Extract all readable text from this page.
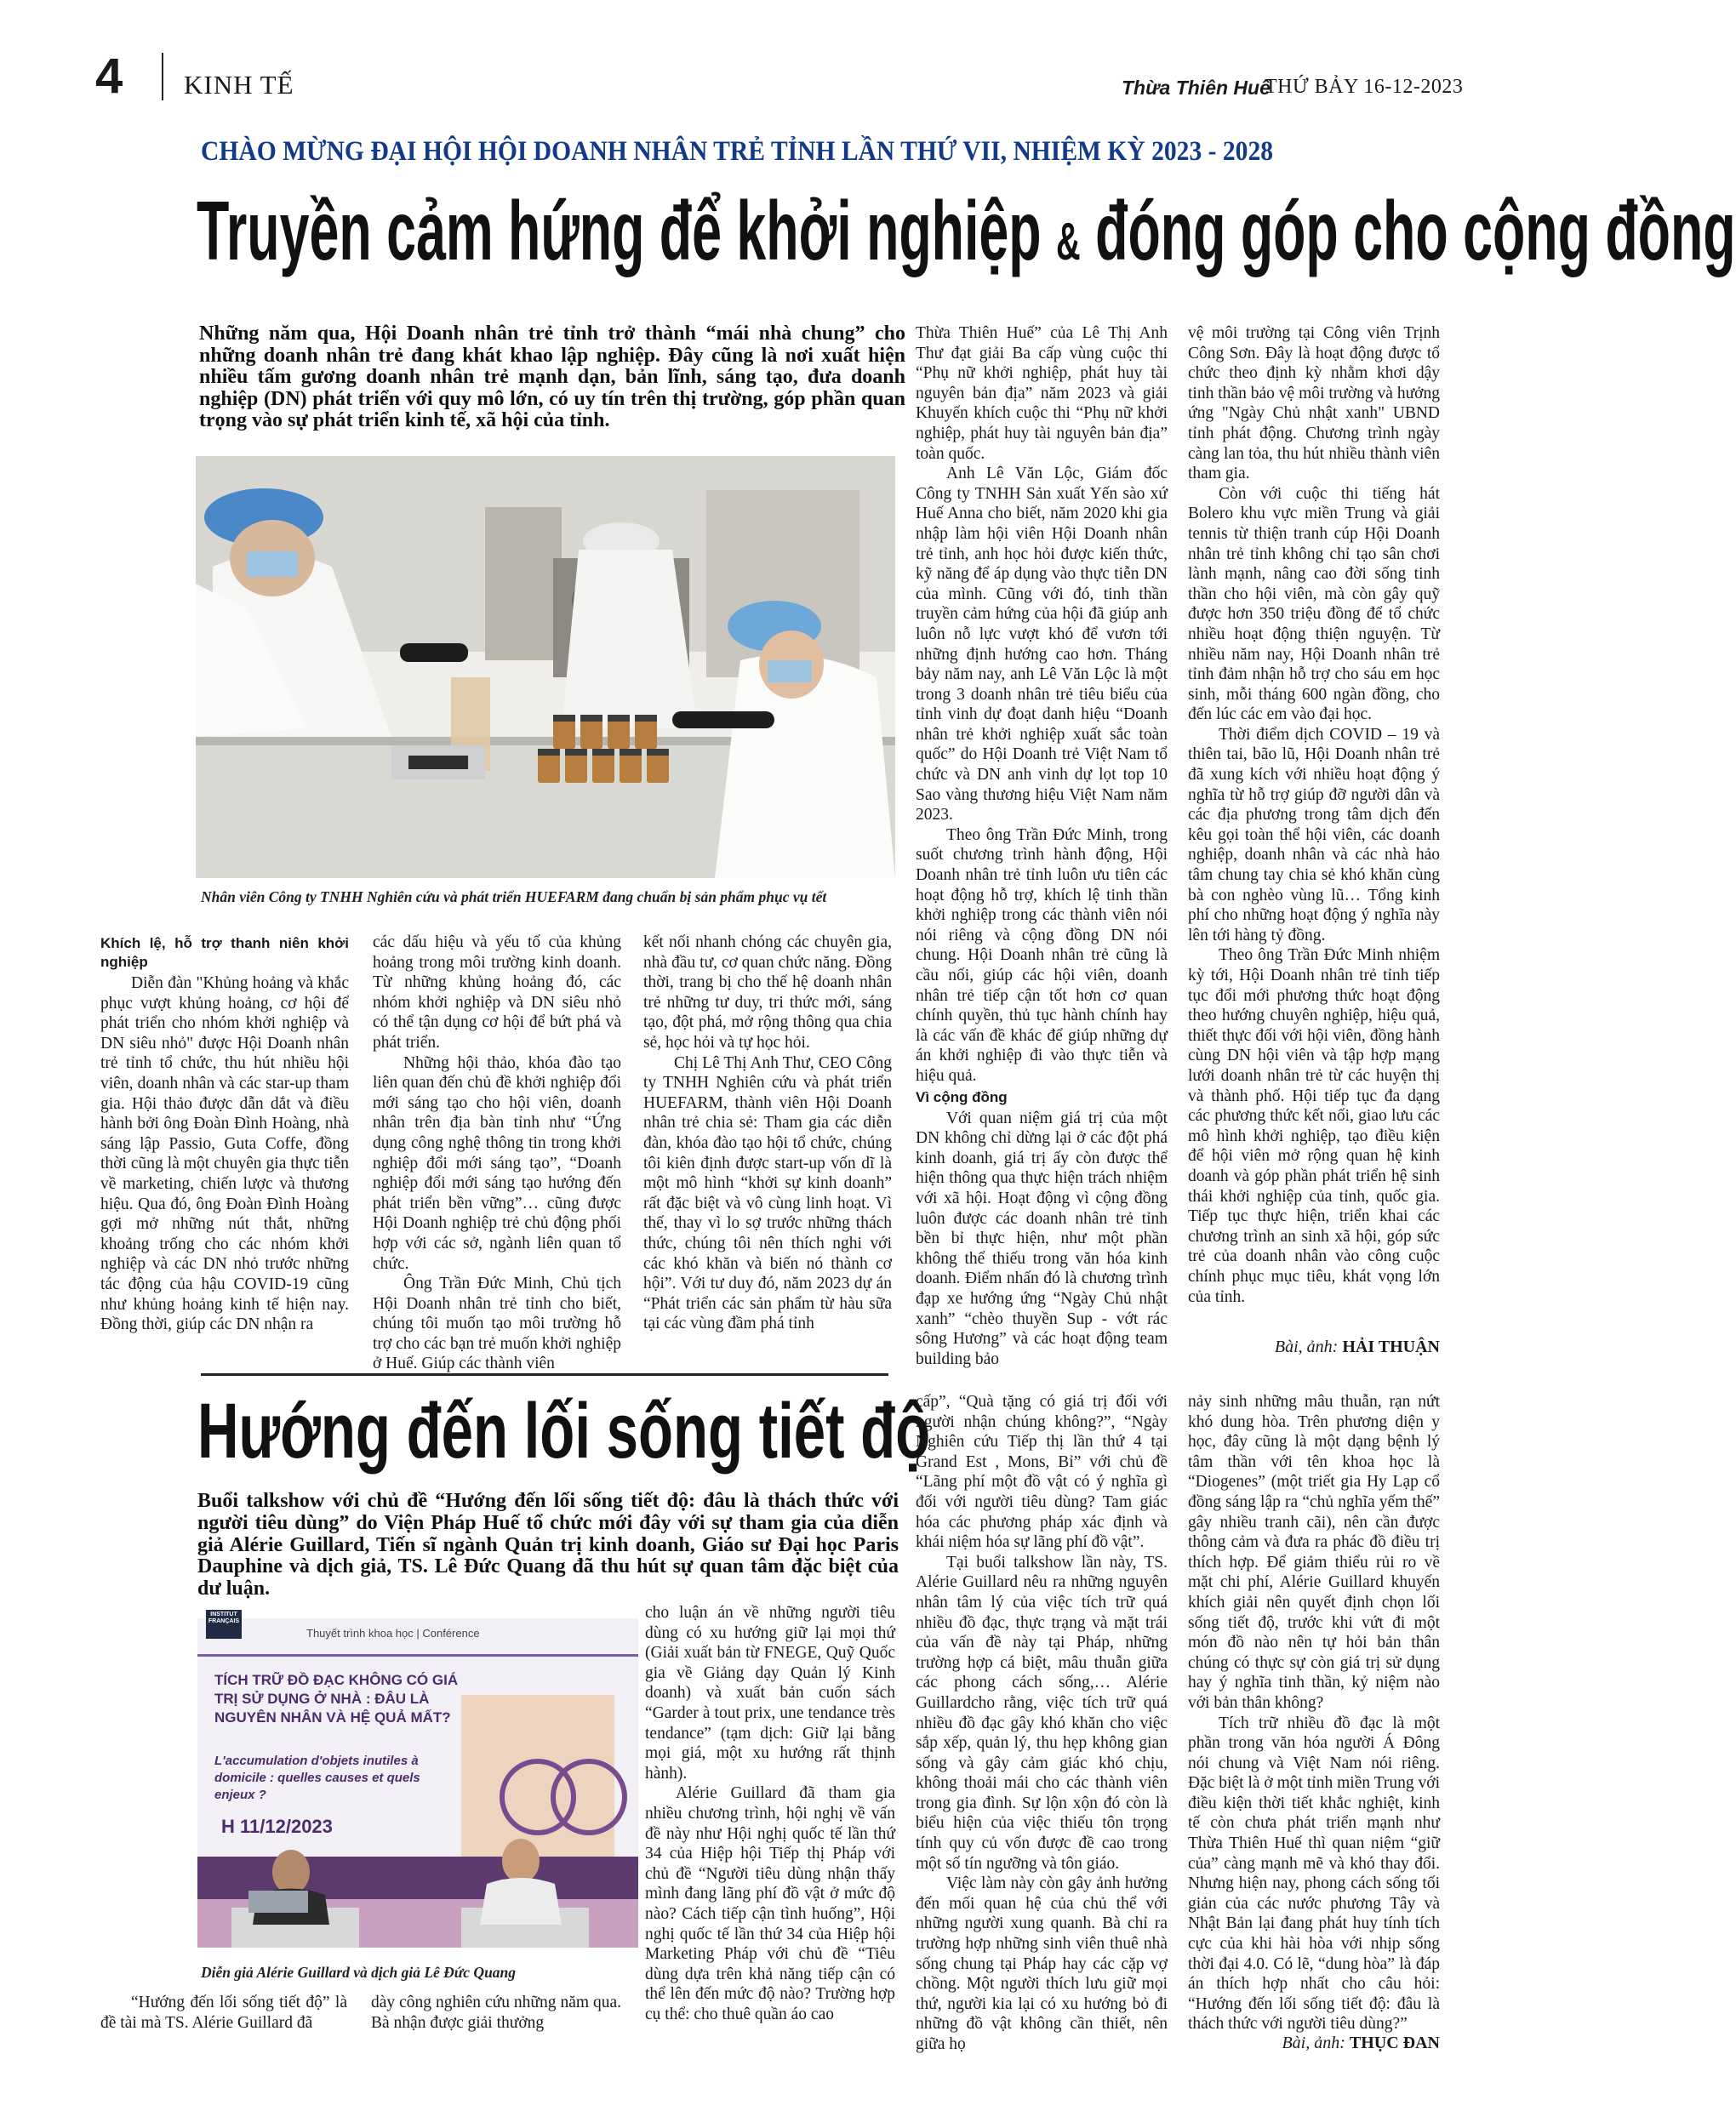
4 KINH TẾ	Thừa Thiên Huế
THỨ BẢY 16-12-2023
CHÀO MỪNG ĐẠI HỘI HỘI DOANH NHÂN TRẺ TỈNH LẦN THỨ VII, NHIỆM KỲ 2023 - 2028
Truyền cảm hứng để khởi nghiệp & đóng góp cho cộng đồng
Những năm qua, Hội Doanh nhân trẻ tỉnh trở thành “mái nhà chung” cho những doanh nhân trẻ đang khát khao lập nghiệp. Đây cũng là nơi xuất hiện nhiều tấm gương doanh nhân trẻ mạnh dạn, bản lĩnh, sáng tạo, đưa doanh nghiệp (DN) phát triển với quy mô lớn, có uy tín trên thị trường, góp phần quan trọng vào sự phát triển kinh tế, xã hội của tỉnh.
Nhân viên Công ty TNHH Nghiên cứu và phát triển HUEFARM đang chuẩn bị sản phẩm phục vụ tết
Khích lệ, hỗ trợ thanh niên khởi nghiệp

Diễn đàn "Khủng hoảng và khắc phục vượt khủng hoảng, cơ hội để phát triển cho nhóm khởi nghiệp và DN siêu nhỏ" được Hội Doanh nhân trẻ tỉnh tổ chức, thu hút nhiều hội viên, doanh nhân và các star-up tham gia. Hội thảo được dẫn dắt và điều hành bởi ông Đoàn Đình Hoàng, nhà sáng lập Passio, Guta Coffe, đồng thời cũng là một chuyên gia thực tiễn về marketing, chiến lược và thương hiệu. Qua đó, ông Đoàn Đình Hoàng gợi mở những nút thắt, những khoảng trống cho các nhóm khởi nghiệp và các DN nhỏ trước những tác động của hậu COVID-19 cũng như khủng hoảng kinh tế hiện nay. Đồng thời, giúp các DN nhận ra

các dấu hiệu và yếu tố của khủng hoảng trong môi trường kinh doanh. Từ những khủng hoảng đó, các nhóm khởi nghiệp và DN siêu nhỏ có thể tận dụng cơ hội để bứt phá và phát triển.

Những hội thảo, khóa đào tạo liên quan đến chủ đề khởi nghiệp đổi mới sáng tạo cho hội viên, doanh nhân trên địa bàn tỉnh như “Ứng dụng công nghệ thông tin trong khởi nghiệp đổi mới sáng tạo”, “Doanh nghiệp đổi mới sáng tạo hướng đến phát triển bền vững”… cũng được Hội Doanh nghiệp trẻ chủ động phối hợp với các sở, ngành liên quan tổ chức.

Ông Trần Đức Minh, Chủ tịch Hội Doanh nhân trẻ tỉnh cho biết, chúng tôi muốn tạo môi trường hỗ trợ cho các bạn trẻ muốn khởi nghiệp ở Huế. Giúp các thành viên

kết nối nhanh chóng các chuyên gia, nhà đầu tư, cơ quan chức năng. Đồng thời, trang bị cho thế hệ doanh nhân trẻ những tư duy, tri thức mới, sáng tạo, đột phá, mở rộng thông qua chia sẻ, học hỏi và tự học hỏi.

Chị Lê Thị Anh Thư, CEO Công ty TNHH Nghiên cứu và phát triển HUEFARM, thành viên Hội Doanh nhân trẻ chia sẻ: Tham gia các diễn đàn, khóa đào tạo hội tổ chức, chúng tôi kiên định được start-up vốn dĩ là một mô hình “khởi sự kinh doanh” rất đặc biệt và vô cùng linh hoạt. Vì thế, thay vì lo sợ trước những thách thức, chúng tôi nên thích nghi với các khó khăn và biến nó thành cơ hội”. Với tư duy đó, năm 2023 dự án “Phát triển các sản phẩm từ hàu sữa tại các vùng đầm phá tỉnh

Thừa Thiên Huế” của Lê Thị Anh Thư đạt giải Ba cấp vùng cuộc thi “Phụ nữ khởi nghiệp, phát huy tài nguyên bản địa” năm 2023 và giải Khuyến khích cuộc thi “Phụ nữ khởi nghiệp, phát huy tài nguyên bản địa” toàn quốc.

Anh Lê Văn Lộc, Giám đốc Công ty TNHH Sản xuất Yến sào xứ Huế Anna cho biết, năm 2020 khi gia nhập làm hội viên Hội Doanh nhân trẻ tỉnh, anh học hỏi được kiến thức, kỹ năng để áp dụng vào thực tiễn DN của mình. Cũng với đó, tinh thần truyền cảm hứng của hội đã giúp anh luôn nỗ lực vượt khó để vươn tới những định hướng cao hơn. Tháng bảy năm nay, anh Lê Văn Lộc là một trong 3 doanh nhân trẻ tiêu biểu của tỉnh vinh dự đoạt danh hiệu “Doanh nhân trẻ khởi nghiệp xuất sắc toàn quốc” do Hội Doanh trẻ Việt Nam tổ chức và DN anh vinh dự lọt top 10 Sao vàng thương hiệu Việt Nam năm 2023.

Theo ông Trần Đức Minh, trong suốt chương trình hành động, Hội Doanh nhân trẻ tỉnh luôn ưu tiên các hoạt động hỗ trợ, khích lệ tinh thần khởi nghiệp trong các thành viên nói nói riêng và cộng đồng DN nói chung. Hội Doanh nhân trẻ cũng là cầu nối, giúp các hội viên, doanh nhân trẻ tiếp cận tốt hơn cơ quan chính quyền, thủ tục hành chính hay là các vấn đề khác để giúp những dự án khởi nghiệp đi vào thực tiễn và hiệu quả.

Vì cộng đồng

Với quan niệm giá trị của một DN không chỉ dừng lại ở các đột phá kinh doanh, giá trị ấy còn được thể hiện thông qua thực hiện trách nhiệm với xã hội. Hoạt động vì cộng đồng luôn được các doanh nhân trẻ tỉnh bền bỉ thực hiện, như một phần không thể thiếu trong văn hóa kinh doanh. Điểm nhấn đó là chương trình đạp xe hướng ứng “Ngày Chủ nhật xanh” “chèo thuyền Sup - vớt rác sông Hương” và các hoạt động team building bảo

vệ môi trường tại Công viên Trịnh Công Sơn. Đây là hoạt động được tổ chức theo định kỳ nhằm khơi dậy tinh thần bảo vệ môi trường và hưởng ứng "Ngày Chủ nhật xanh" UBND tỉnh phát động. Chương trình ngày càng lan tỏa, thu hút nhiều thành viên tham gia.

Còn với cuộc thi tiếng hát Bolero khu vực miền Trung và giải tennis từ thiện tranh cúp Hội Doanh nhân trẻ tỉnh không chỉ tạo sân chơi lành mạnh, nâng cao đời sống tinh thần cho hội viên, mà còn gây quỹ được hơn 350 triệu đồng để tổ chức nhiều hoạt động thiện nguyện. Từ nhiều năm nay, Hội Doanh nhân trẻ tỉnh đảm nhận hỗ trợ cho sáu em học sinh, mỗi tháng 600 ngàn đồng, cho đến lúc các em vào đại học.

Thời điểm dịch COVID – 19 và thiên tai, bão lũ, Hội Doanh nhân trẻ đã xung kích với nhiều hoạt động ý nghĩa từ hỗ trợ giúp đỡ người dân và các địa phương trong tâm dịch đến kêu gọi toàn thể hội viên, các doanh nghiệp, doanh nhân và các nhà hảo tâm chung tay chia sẻ khó khăn cùng bà con nghèo vùng lũ… Tổng kinh phí cho những hoạt động ý nghĩa này lên tới hàng tỷ đồng.

Theo ông Trần Đức Minh nhiệm kỳ tới, Hội Doanh nhân trẻ tỉnh tiếp tục đổi mới phương thức hoạt động theo hướng chuyên nghiệp, hiệu quả, thiết thực đối với hội viên, đồng hành cùng DN hội viên và tập hợp mạng lưới doanh nhân trẻ từ các huyện thị và thành phố. Hội tiếp tục đa dạng các phương thức kết nối, giao lưu các mô hình khởi nghiệp, tạo điều kiện để hội viên mở rộng quan hệ kinh doanh và góp phần phát triển hệ sinh thái khởi nghiệp của tỉnh, quốc gia. Tiếp tục thực hiện, triển khai các chương trình an sinh xã hội, góp sức trẻ của doanh nhân vào công cuộc chính phục mục tiêu, khát vọng lớn của tỉnh.

Bài, ảnh: HẢI THUẬN
Hướng đến lối sống tiết độ
Buổi talkshow với chủ đề “Hướng đến lối sống tiết độ: đâu là thách thức với người tiêu dùng” do Viện Pháp Huế tổ chức mới đây với sự tham gia của diễn giả Alérie Guillard, Tiến sĩ ngành Quản trị kinh doanh, Giáo sư Đại học Paris Dauphine và dịch giả, TS. Lê Đức Quang đã thu hút sự quan tâm đặc biệt của dư luận.
INSTITUT FRANÇAIS
Thuyết trình khoa học | Conférence
TÍCH TRỮ ĐỒ ĐẠC KHÔNG CÓ GIÁ TRỊ SỬ DỤNG Ở NHÀ : ĐÂU LÀ NGUYÊN NHÂN VÀ HỆ QUẢ MẤT?
L'accumulation d'objets inutiles à domicile : quelles causes et quels enjeux ?
H 11/12/2023
Diễn giả Alérie Guillard và dịch giả Lê Đức Quang

“Hướng đến lối sống tiết độ” là đề tài mà TS. Alérie Guillard đã

dày công nghiên cứu những năm qua. Bà nhận được giải thưởng

cho luận án về những người tiêu dùng có xu hướng giữ lại mọi thứ (Giải xuất bản từ FNEGE, Quỹ Quốc gia về Giảng dạy Quản lý Kinh doanh) và xuất bản cuốn sách “Garder à tout prix, une tendance très tendance” (tạm dịch: Giữ lại bằng mọi giá, một xu hướng rất thịnh hành).

Alérie Guillard đã tham gia nhiều chương trình, hội nghị về vấn đề này như Hội nghị quốc tế lần thứ 34 của Hiệp hội Tiếp thị Pháp với chủ đề “Người tiêu dùng nhận thấy mình đang lãng phí đồ vật ở mức độ nào? Cách tiếp cận tình huống”, Hội nghị quốc tế lần thứ 34 của Hiệp hội Marketing Pháp với chủ đề “Tiêu dùng dựa trên khả năng tiếp cận có thể lên đến mức độ nào? Trường hợp cụ thể: cho thuê quần áo cao

cấp”, “Quà tặng có giá trị đối với người nhận chúng không?”, “Ngày Nghiên cứu Tiếp thị lần thứ 4 tại Grand Est , Mons, Bỉ” với chủ đề “Lãng phí một đồ vật có ý nghĩa gì đối với người tiêu dùng? Tam giác hóa các phương pháp xác định và khái niệm hóa sự lãng phí đồ vật”.

Tại buổi talkshow lần này, TS. Alérie Guillard nêu ra những nguyên nhân tâm lý của việc tích trữ quá nhiều đồ đạc, thực trạng và mặt trái của vấn đề này tại Pháp, những trường hợp cá biệt, mâu thuẫn giữa các phong cách sống,… Alérie Guillardcho rằng, việc tích trữ quá nhiều đồ đạc gây khó khăn cho việc sắp xếp, quản lý, thu hẹp không gian sống và gây cảm giác khó chịu, không thoải mái cho các thành viên trong gia đình. Sự lộn xộn đó còn là biểu hiện của việc thiếu tôn trọng tính quy củ vốn được đề cao trong một số tín ngưỡng và tôn giáo.

Việc làm này còn gây ảnh hưởng đến mối quan hệ của chủ thể với những người xung quanh. Bà chỉ ra trường hợp những sinh viên thuê nhà sống chung tại Pháp hay các cặp vợ chồng. Một người thích lưu giữ mọi thứ, người kia lại có xu hướng bỏ đi những đồ vật không cần thiết, nên giữa họ

nảy sinh những mâu thuẫn, rạn nứt khó dung hòa. Trên phương diện y học, đây cũng là một dạng bệnh lý tâm thần với tên khoa học là “Diogenes” (một triết gia Hy Lạp cổ đồng sáng lập ra “chủ nghĩa yếm thế” gây nhiều tranh cãi), nên cần được thông cảm và đưa ra phác đồ điều trị thích hợp. Để giảm thiểu rủi ro về mặt chi phí, Alérie Guillard khuyến khích giải nên quyết định chọn lối sống tiết độ, trước khi vứt đi một món đồ nào nên tự hỏi bản thân chúng có thực sự còn giá trị sử dụng hay ý nghĩa tinh thần, kỷ niệm nào với bản thân không?

Tích trữ nhiều đồ đạc là một phần trong văn hóa người Á Đông nói chung và Việt Nam nói riêng. Đặc biệt là ở một tỉnh miền Trung với điều kiện thời tiết khắc nghiệt, kinh tế còn chưa phát triển mạnh như Thừa Thiên Huế thì quan niệm “giữ của” càng mạnh mẽ và khó thay đổi. Nhưng hiện nay, phong cách sống tối giản của các nước phương Tây và Nhật Bản lại đang phát huy tính tích cực của khi hài hòa với nhịp sống thời đại 4.0. Có lẽ, “dung hòa” là đáp án thích hợp nhất cho câu hỏi: “Hướng đến lối sống tiết độ: đâu là thách thức với người tiêu dùng?”

Bài, ảnh: THỤC ĐAN
